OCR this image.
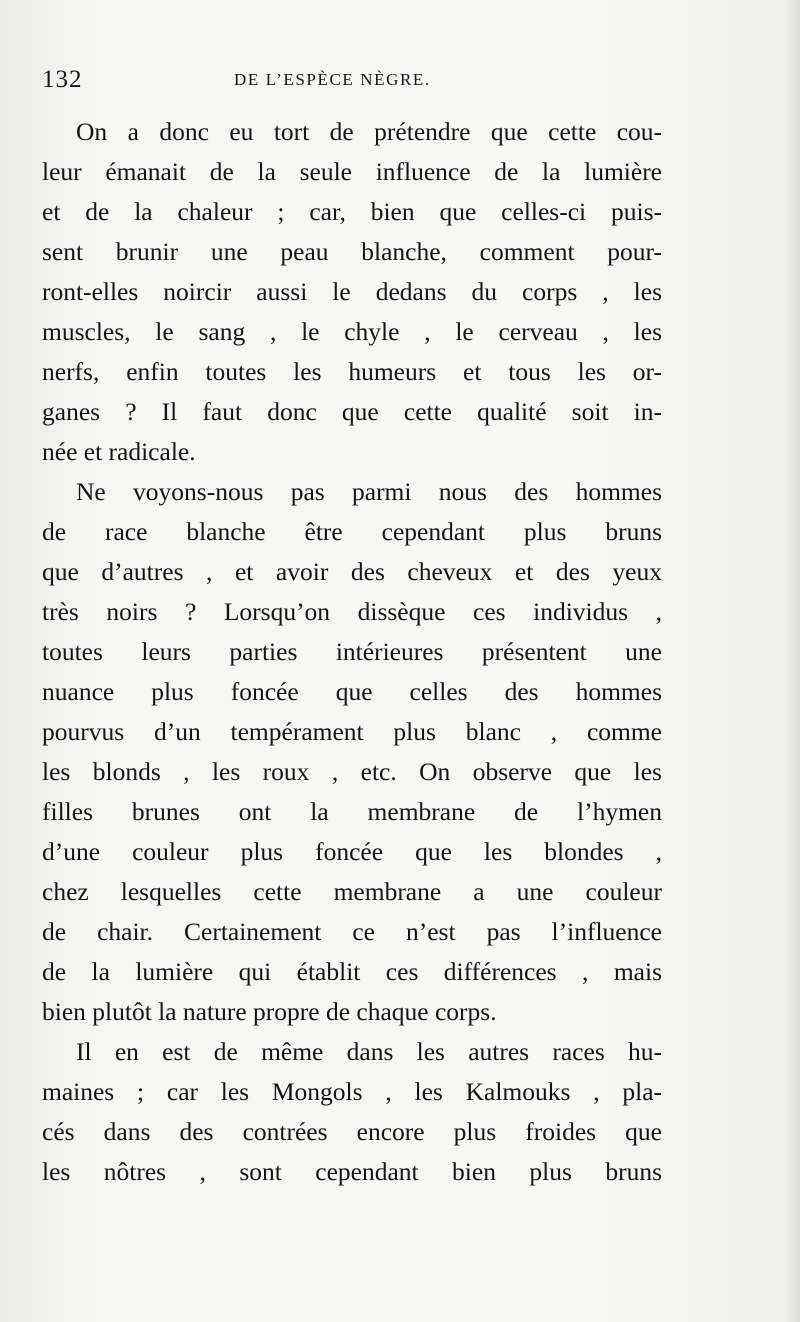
132	DE L’ESPÈCE NÈGRE.
On a donc eu tort de prétendre que cette cou-
leur émanait de la seule influence de la lumière
et de la chaleur ; car, bien que celles-ci puis-
sent brunir une peau blanche, comment pour-
ront-elles noircir aussi le dedans du corps , les
muscles, le sang , le chyle , le cerveau , les
nerfs, enfin toutes les humeurs et tous les or-
ganes ? Il faut donc que cette qualité soit in-
née et radicale.
Ne voyons-nous pas parmi nous des hommes
de race blanche être cependant plus bruns
que d’autres , et avoir des cheveux et des yeux
très noirs ? Lorsqu’on dissèque ces individus ,
toutes leurs parties intérieures présentent une
nuance plus foncée que celles des hommes
pourvus d’un tempérament plus blanc , comme
les blonds , les roux , etc. On observe que les
filles brunes ont la membrane de l’hymen
d’une couleur plus foncée que les blondes ,
chez lesquelles cette membrane a une couleur
de chair. Certainement ce n’est pas l’influence
de la lumière qui établit ces différences , mais
bien plutôt la nature propre de chaque corps.
Il en est de même dans les autres races hu-
maines ; car les Mongols , les Kalmouks , pla-
cés dans des contrées encore plus froides que
les nôtres , sont cependant bien plus bruns
